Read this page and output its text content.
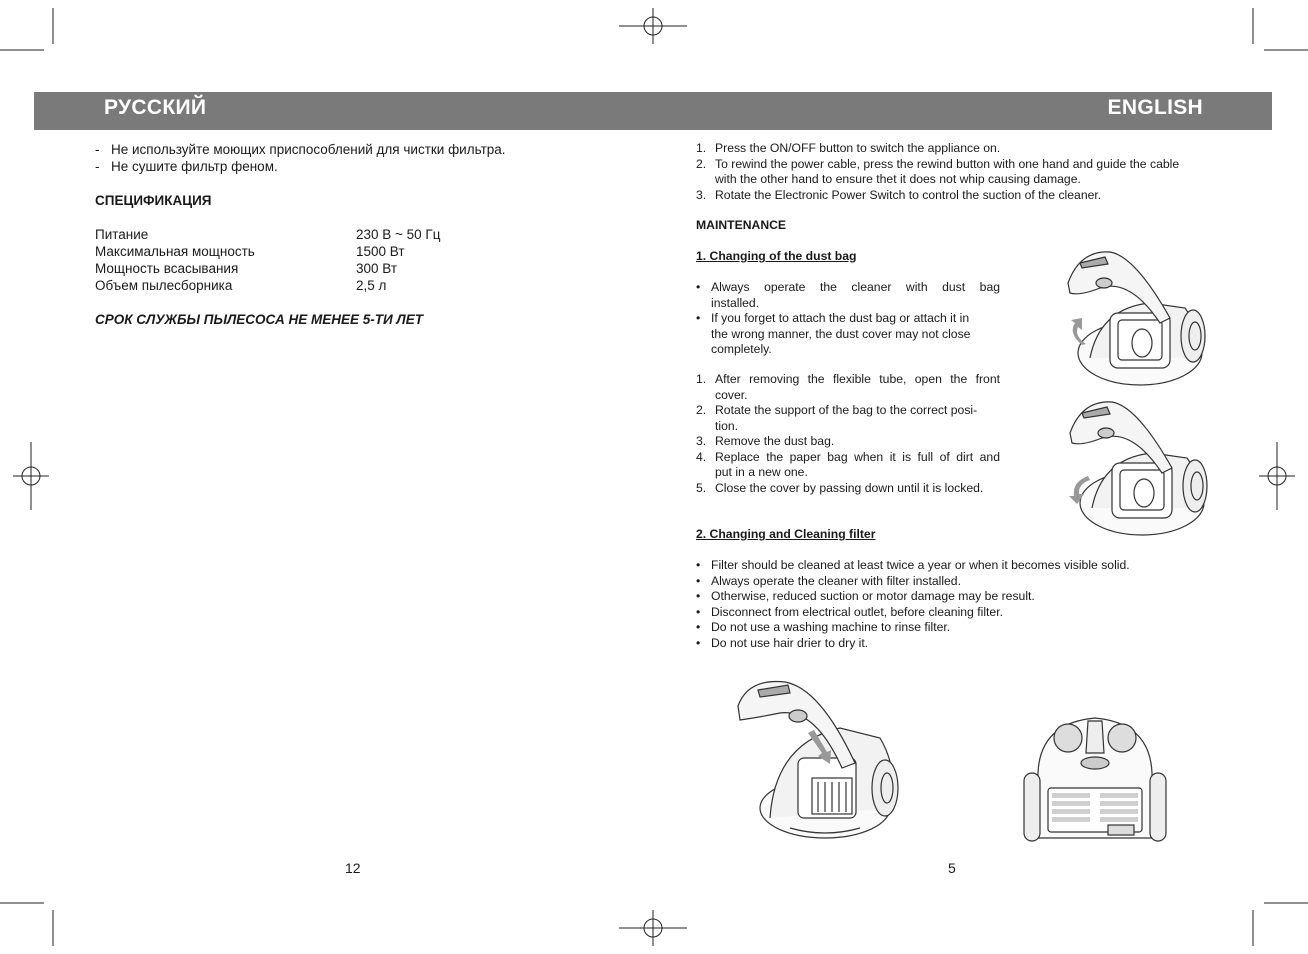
РУССКИЙ	ENGLISH
- Не используйте моющих приспособлений для чистки фильтра.
- Не сушите фильтр феном.
СПЕЦИФИКАЦИЯ
Питание	230 В ~ 50 Гц
Максимальная мощность	1500 Вт
Мощность всасывания	300 Вт
Объем пылесборника	2,5 л
СРОК СЛУЖБЫ ПЫЛЕСОСА НЕ МЕНЕЕ 5-ТИ ЛЕТ
12
1. Press the ON/OFF button to switch the appliance on.
2. To rewind the power cable, press the rewind button with one hand and guide the cable
with the other hand to ensure thet it does not whip causing damage.
3. Rotate the Electronic Power Switch to control the suction of the cleaner.
MAINTENANCE
1. Changing of the dust bag
• Always operate the cleaner with dust bag
installed.
• If you forget to attach the dust bag or attach it in
the wrong manner, the dust cover may not close
completely.
1. After removing the flexible tube, open the front
cover.
2. Rotate the support of the bag to the correct posi-
tion.
3. Remove the dust bag.
4. Replace the paper bag when it is full of dirt and
put in a new one.
5. Close the cover by passing down until it is locked.
2. Changing and Cleaning filter
• Filter should be cleaned at least twice a year or when it becomes visible solid.
• Always operate the cleaner with filter installed.
• Otherwise, reduced suction or motor damage may be result.
• Disconnect from electrical outlet, before cleaning filter.
• Do not use a washing machine to rinse filter.
• Do not use hair drier to dry it.
5
